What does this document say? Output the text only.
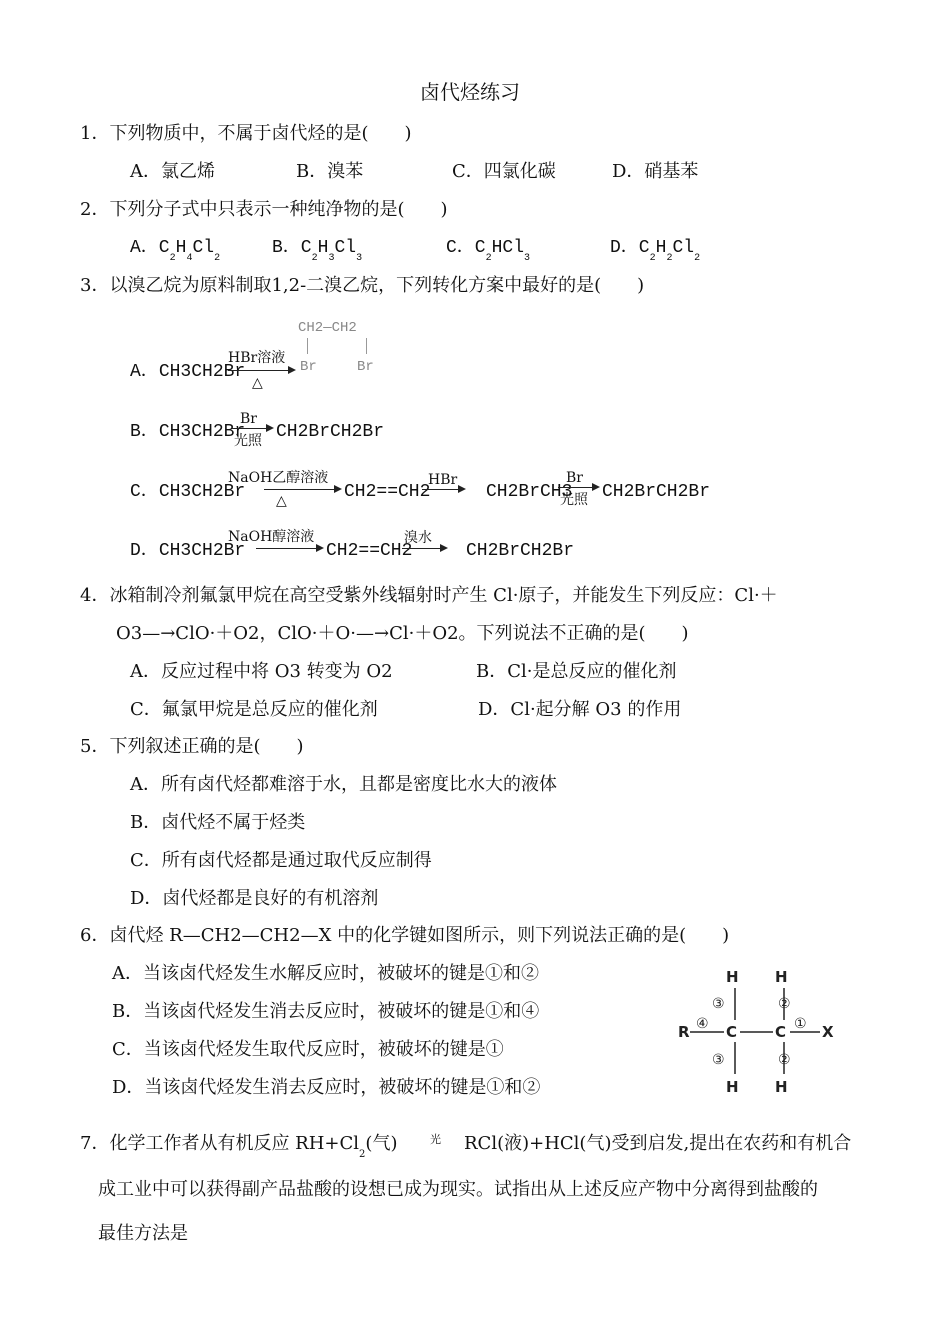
卤代烃练习
1．下列物质中，不属于卤代烃的是(　　)
A．氯乙烯	B．溴苯	C．四氯化碳	D．硝基苯
2．下列分子式中只表示一种纯净物的是(　　)
A．$C_2H_4Cl_2$
B．$C_2H_3Cl_3$
C．$C_2HCl_3$
D．$C_2H_2Cl_2$
3．以溴乙烷为原料制取1,2-二溴乙烷，下列转化方案中最好的是(　　)
A．CH3CH2Br
HBr溶液
△
CH2—CH2
Br	Br
B．CH3CH2Br
Br
光照 CH2BrCH2Br
C．CH3CH2Br
NaOH乙醇溶液
△	CH2==CH2
HBr
CH2BrCH3
Br
光照 CH2BrCH2Br
D．CH3CH2Br
NaOH醇溶液
CH2==CH2
溴水
CH2BrCH2Br
4．冰箱制冷剂氟氯甲烷在高空受紫外线辐射时产生 Cl·原子，并能发生下列反应：Cl·＋
O3—→ClO·＋O2，ClO·＋O·—→Cl·＋O2。下列说法不正确的是(　　)
A．反应过程中将 O3 转变为 O2	B．Cl·是总反应的催化剂
C．氟氯甲烷是总反应的催化剂	D．Cl·起分解 O3 的作用
5．下列叙述正确的是(　　)
A．所有卤代烃都难溶于水，且都是密度比水大的液体
B．卤代烃不属于烃类
C．所有卤代烃都是通过取代反应制得
D．卤代烃都是良好的有机溶剂
6．卤代烃 R—CH2—CH2—X 中的化学键如图所示，则下列说法正确的是(　　)
A．当该卤代烃发生水解反应时，被破坏的键是①和②
B．当该卤代烃发生消去反应时，被破坏的键是①和④
C．当该卤代烃发生取代反应时，被破坏的键是①
D．当该卤代烃发生消去反应时，被破坏的键是①和②
H H
R C	C X
H H
③	②
④	①
③	②
7．化学工作者从有机反应 $RH+Cl_2$(气)	光 RCl(液)+HCl(气)受到启发,提出在农药和有机合
成工业中可以获得副产品盐酸的设想已成为现实。试指出从上述反应产物中分离得到盐酸的
最佳方法是
